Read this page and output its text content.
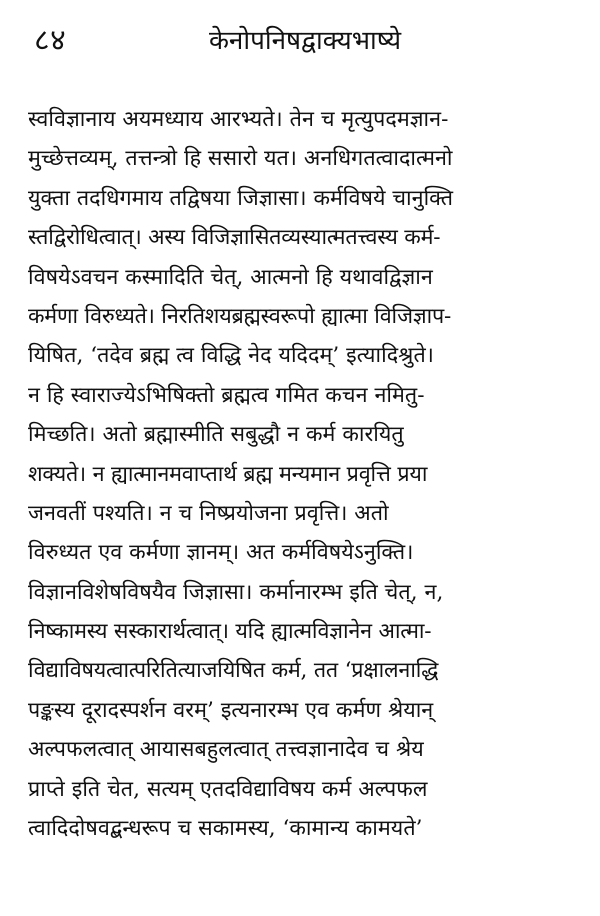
८४	केनोपनिषद्वाक्यभाष्ये
स्वविज्ञानाय अयमध्याय आरभ्यते। तेन च मृत्युपदमज्ञान-
मुच्छेत्तव्यम्, तत्तन्त्रो हि ससारो यत। अनधिगतत्वादात्मनो
युक्ता तदधिगमाय तद्विषया जिज्ञासा। कर्मविषये चानुक्ति
स्तद्विरोधित्वात्। अस्य विजिज्ञासितव्यस्यात्मतत्त्वस्य कर्म-
विषयेऽवचन कस्मादिति चेत्, आत्मनो हि यथावद्विज्ञान
कर्मणा विरुध्यते। निरतिशयब्रह्मस्वरूपो ह्यात्मा विजिज्ञाप-
यिषित, ‘तदेव ब्रह्म त्व विद्धि नेद यदिदम्’ इत्यादिश्रुते।
न हि स्वाराज्येऽभिषिक्तो ब्रह्मत्व गमित कचन नमितु-
मिच्छति। अतो ब्रह्मास्मीति सबुद्धौ न कर्म कारयितु
शक्यते। न ह्यात्मानमवाप्तार्थ ब्रह्म मन्यमान प्रवृत्ति प्रया
जनवतीं पश्यति। न च निष्प्रयोजना प्रवृत्ति। अतो
विरुध्यत एव कर्मणा ज्ञानम्। अत कर्मविषयेऽनुक्ति।
विज्ञानविशेषविषयैव जिज्ञासा। कर्मानारम्भ इति चेत्, न,
निष्कामस्य सस्कारार्थत्वात्। यदि ह्यात्मविज्ञानेन आत्मा-
विद्याविषयत्वात्परितित्याजयिषित कर्म, तत ‘प्रक्षालनाद्धि
पङ्कस्य दूरादस्पर्शन वरम्’ इत्यनारम्भ एव कर्मण श्रेयान्
अल्पफलत्वात् आयासबहुलत्वात् तत्त्वज्ञानादेव च श्रेय
प्राप्ते इति चेत, सत्यम् एतदविद्याविषय कर्म अल्पफल
त्वादिदोषवद्बन्धरूप च सकामस्य, ‘कामान्य कामयते’
